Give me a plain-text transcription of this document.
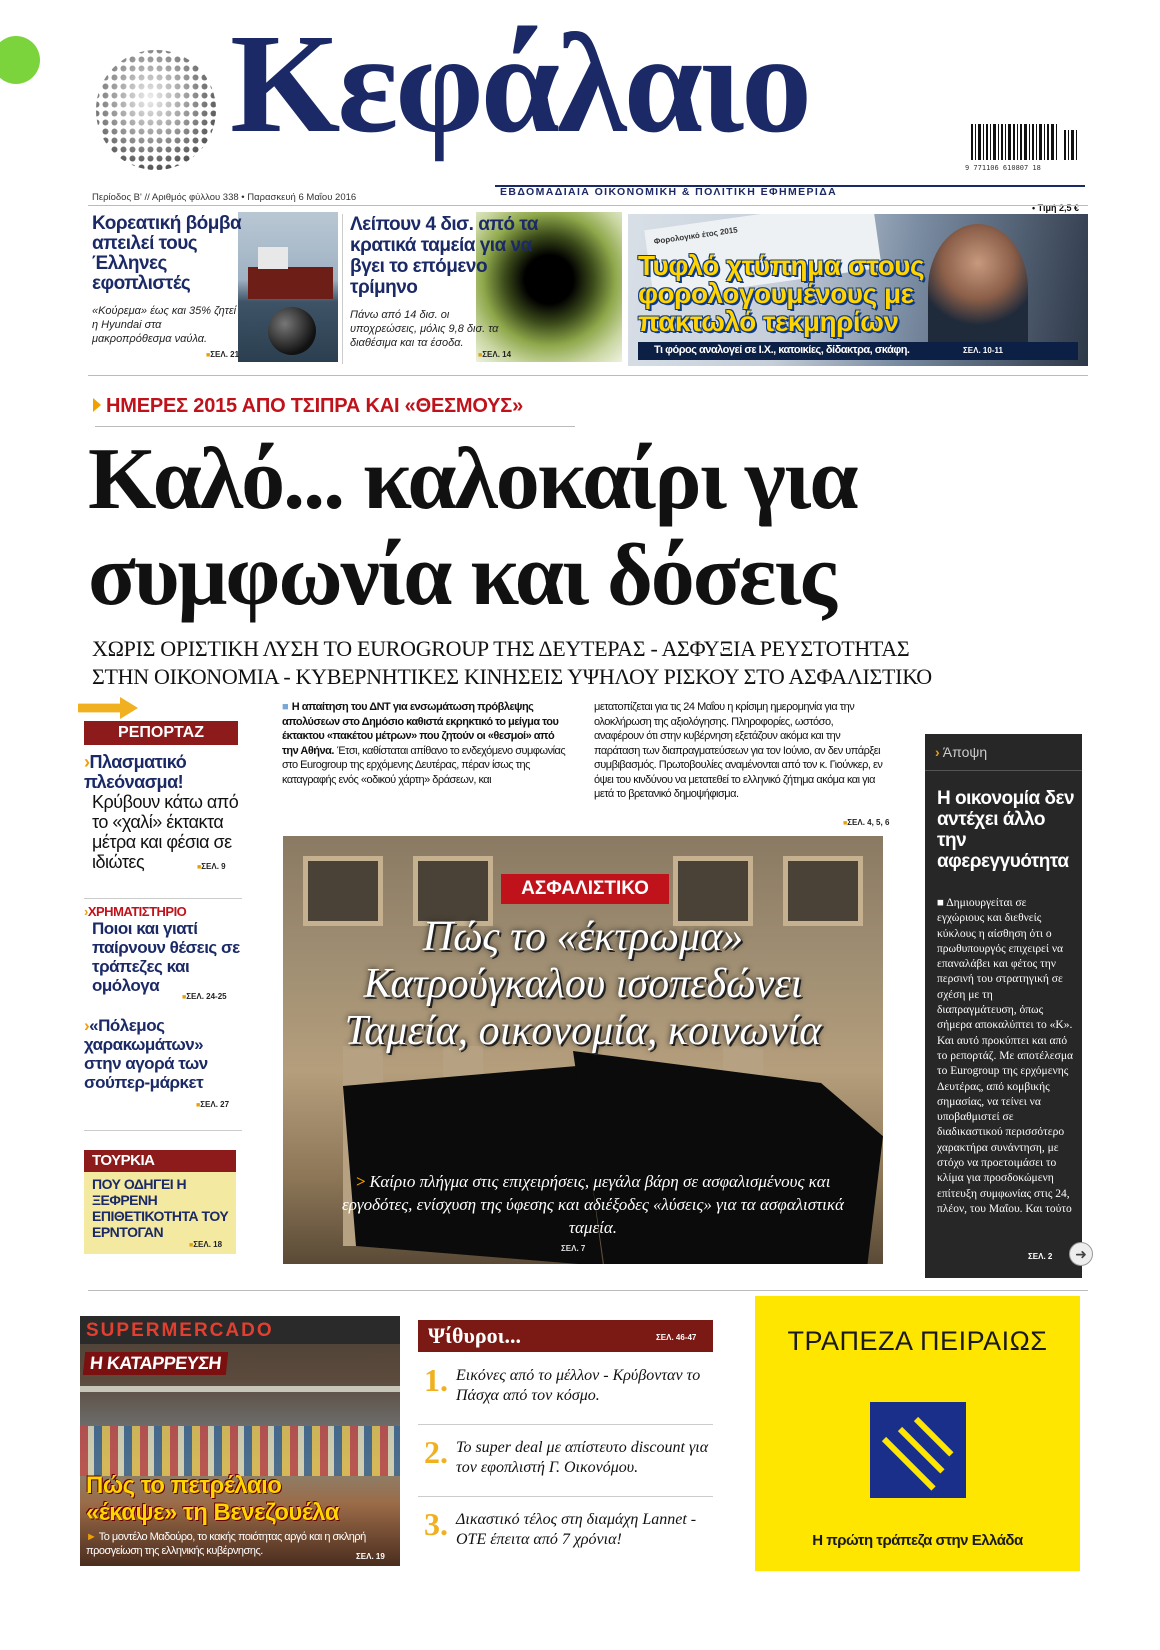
Κεφάλαιο
9 771106 610807 18
Περίοδος Β' // Αριθμός φύλλου 338 • Παρασκευή 6 Μαΐου 2016	ΕΒΔΟΜΑΔΙΑΙΑ ΟΙΚΟΝΟΜΙΚΗ & ΠΟΛΙΤΙΚΗ ΕΦΗΜΕΡΙΔΑ
• Τιμή 2,5 €
Κορεατική βόμβα απειλεί τους Έλληνες εφοπλιστές
«Κούρεμα» έως και 35% ζητεί η Hyundai στα μακροπρόθεσμα ναύλα.
■ ΣΕΛ. 21
Λείπουν 4 δισ. από τα κρατικά ταμεία για να βγει το επόμενο τρίμηνο
Πάνω από 14 δισ. οι υποχρεώσεις, μόλις 9,8 δισ. τα διαθέσιμα και τα έσοδα.
■ ΣΕΛ. 14
Φορολογικό έτος 2015
Τυφλό χτύπημα στους φορολογουμένους με πακτωλό τεκμηρίων
Τι φόρος αναλογεί σε I.X., κατοικίες, δίδακτρα, σκάφη.	ΣΕΛ. 10-11
ΗΜΕΡΕΣ 2015 ΑΠΟ ΤΣΙΠΡΑ ΚΑΙ «ΘΕΣΜΟΥΣ»
Καλό... καλοκαίρι για συμφωνία και δόσεις
ΧΩΡΙΣ ΟΡΙΣΤΙΚΗ ΛΥΣΗ ΤΟ EUROGROUP ΤΗΣ ΔΕΥΤΕΡΑΣ - ΑΣΦΥΞΙΑ ΡΕΥΣΤΟΤΗΤΑΣ
ΣΤΗΝ ΟΙΚΟΝΟΜΙΑ - ΚΥΒΕΡΝΗΤΙΚΕΣ ΚΙΝΗΣΕΙΣ ΥΨΗΛΟΥ ΡΙΣΚΟΥ ΣΤΟ ΑΣΦΑΛΙΣΤΙΚΟ
■ Η απαίτηση του ΔΝΤ για ενσωμάτωση πρόβλεψης απολύσεων στο Δημόσιο καθιστά εκρηκτικό το μείγμα του έκτακτου «πακέτου μέτρων» που ζητούν οι «θεσμοί» από την Αθήνα. Έτσι, καθίσταται απίθανο το ενδεχόμενο συμφωνίας στο Eurogroup της ερχόμενης Δευτέρας, πέραν ίσως της καταγραφής ενός «οδικού χάρτη» δράσεων, και
μετατοπίζεται για τις 24 Μαΐου η κρίσιμη ημερομηνία για την ολοκλήρωση της αξιολόγησης. Πληροφορίες, ωστόσο, αναφέρουν ότι στην κυβέρνηση εξετάζουν ακόμα και την παράταση των διαπραγματεύσεων για τον Ιούνιο, αν δεν υπάρξει συμβιβασμός. Πρωτοβουλίες αναμένονται από τον κ. Γιούνκερ, εν όψει του κινδύνου να μετατεθεί το ελληνικό ζήτημα ακόμα και για μετά το βρετανικό δημοψήφισμα.
■ ΣΕΛ. 4, 5, 6
ΡΕΠΟΡΤΑΖ
›Πλασματικό πλεόνασμα!
Κρύβουν κάτω από το «χαλί» έκτακτα μέτρα και φέσια σε ιδιώτες
■	ΣΕΛ. 9
›ΧΡΗΜΑΤΙΣΤΗΡΙΟ
Ποιοι και γιατί παίρνουν θέσεις σε τράπεζες και ομόλογα
■ ΣΕΛ. 24-25
›«Πόλεμος χαρακωμάτων» στην αγορά των σούπερ-μάρκετ
■ ΣΕΛ. 27
ΤΟΥΡΚΙΑ
ΠΟΥ ΟΔΗΓΕΙ Η ΞΕΦΡΕΝΗ ΕΠΙΘΕΤΙΚΟΤΗΤΑ ΤΟΥ ΕΡΝΤΟΓΑΝ
■ ΣΕΛ. 18
ΑΣΦΑΛΙΣΤΙΚΟ
Πώς το «έκτρωμα»
Κατρούγκαλου ισοπεδώνει
Ταμεία, οικονομία, κοινωνία
> Καίριο πλήγμα στις επιχειρήσεις, μεγάλα βάρη σε ασφαλισμένους και εργοδότες, ενίσχυση της ύφεσης και αδιέξοδες «λύσεις» για τα ασφαλιστικά ταμεία.
ΣΕΛ. 7
› Άποψη
Η οικονομία δεν αντέχει άλλο την αφερεγγυότητα
■ Δημιουργείται σε εγχώριους και διεθνείς κύκλους η αίσθηση ότι ο πρωθυπουργός επιχειρεί να επαναλάβει και φέτος την περσινή του στρατηγική σε σχέση με τη διαπραγμάτευση, όπως σήμερα αποκαλύπτει το «Κ». Και αυτό προκύπτει και από το ρεπορτάζ. Με αποτέλεσμα το Eurogroup της ερχόμενης Δευτέρας, από κομβικής σημασίας, να τείνει να υποβαθμιστεί σε διαδικαστικού περισσότερο χαρακτήρα συνάντηση, με στόχο να προετοιμάσει το κλίμα για προσδοκώμενη επίτευξη συμφωνίας στις 24, πλέον, του Μαΐου. Και τούτο
ΣΕΛ. 2	➜
SUPERMERCADO
Η ΚΑΤΑΡΡΕΥΣΗ
Πώς το πετρέλαιο
«έκαψε» τη Βενεζουέλα
► Το μοντέλο Μαδούρο, το κακής ποιότητας αργό και η σκληρή προσγείωση της ελληνικής κυβέρνησης.	ΣΕΛ. 19
Ψίθυροι...	ΣΕΛ. 46-47
1. Εικόνες από το μέλλον - Κρύβονταν το Πάσχα από τον κόσμο.
2. Το super deal με απίστευτο discount για τον εφοπλιστή Γ. Οικονόμου.
3. Δικαστικό τέλος στη διαμάχη Lannet - ΟΤΕ έπειτα από 7 χρόνια!
ΤΡΑΠΕΖΑ ΠΕΙΡΑΙΩΣ
Η πρώτη τράπεζα στην Ελλάδα
